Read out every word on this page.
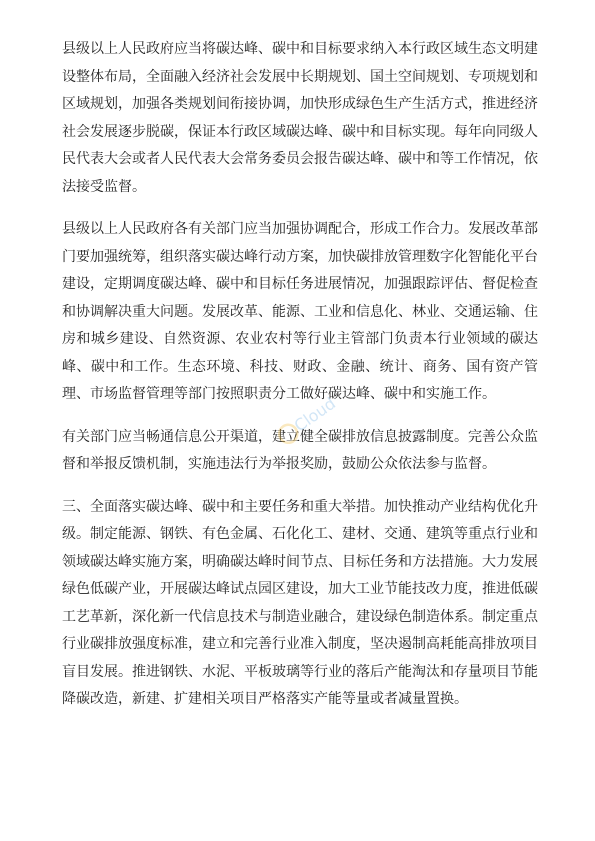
县级以上人民政府应当将碳达峰、碳中和目标要求纳入本行政区域生态文明建设整体布局，全面融入经济社会发展中长期规划、国土空间规划、专项规划和区域规划，加强各类规划间衔接协调，加快形成绿色生产生活方式，推进经济社会发展逐步脱碳，保证本行政区域碳达峰、碳中和目标实现。每年向同级人民代表大会或者人民代表大会常务委员会报告碳达峰、碳中和等工作情况，依法接受监督。

县级以上人民政府各有关部门应当加强协调配合，形成工作合力。发展改革部门要加强统筹，组织落实碳达峰行动方案，加快碳排放管理数字化智能化平台建设，定期调度碳达峰、碳中和目标任务进展情况，加强跟踪评估、督促检查和协调解决重大问题。发展改革、能源、工业和信息化、林业、交通运输、住房和城乡建设、自然资源、农业农村等行业主管部门负责本行业领域的碳达峰、碳中和工作。生态环境、科技、财政、金融、统计、商务、国有资产管理、市场监督管理等部门按照职责分工做好碳达峰、碳中和实施工作。

有关部门应当畅通信息公开渠道，建立健全碳排放信息披露制度。完善公众监督和举报反馈机制，实施违法行为举报奖励，鼓励公众依法参与监督。

三、全面落实碳达峰、碳中和主要任务和重大举措。加快推动产业结构优化升级。制定能源、钢铁、有色金属、石化化工、建材、交通、建筑等重点行业和领域碳达峰实施方案，明确碳达峰时间节点、目标任务和方法措施。大力发展绿色低碳产业，开展碳达峰试点园区建设，加大工业节能技改力度，推进低碳工艺革新，深化新一代信息技术与制造业融合，建设绿色制造体系。制定重点行业碳排放强度标准，建立和完善行业准入制度，坚决遏制高耗能高排放项目盲目发展。推进钢铁、水泥、平板玻璃等行业的落后产能淘汰和存量项目节能降碳改造，新建、扩建相关项目严格落实产能等量或者减量置换。

Cloud
